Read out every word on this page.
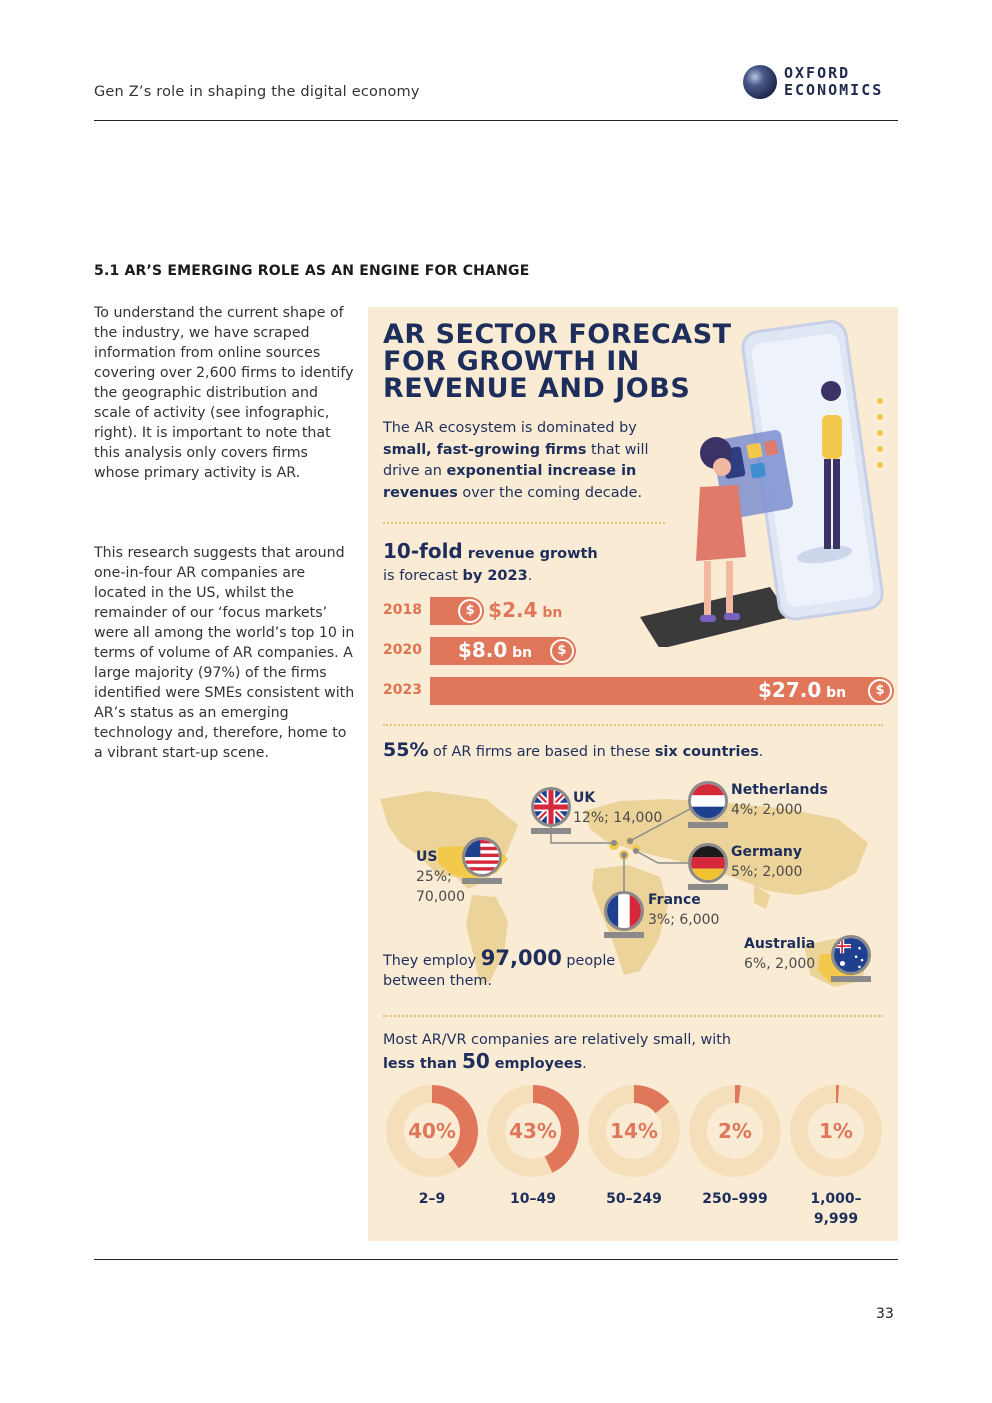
Gen Z’s role in shaping the digital economy
OXFORD
ECONOMICS
5.1 AR’S EMERGING ROLE AS AN ENGINE FOR CHANGE
To understand the current shape of the industry, we have scraped information from online sources covering over 2,600 firms to identify the geographic distribution and scale of activity (see infographic, right). It is important to note that this analysis only covers firms whose primary activity is AR.
This research suggests that around one-in-four AR companies are located in the US, whilst the remainder of our ‘focus markets’ were all among the world’s top 10 in terms of volume of AR companies. A large majority (97%) of the firms identified were SMEs consistent with AR’s status as an emerging technology and, therefore, home to a vibrant start-up scene.
AR SECTOR FORECAST FOR GROWTH IN REVENUE AND JOBS
The AR ecosystem is dominated by small, fast-growing firms that will drive an exponential increase in revenues over the coming decade.
10-fold revenue growth
is forecast by 2023.
2018	$ $2.4 bn
2020 $8.0 bn	$
2023	$27.0 bn	$
55% of AR firms are based in these six countries.
UK
12%; 14,000
Netherlands
4%; 2,000
US
25%;
70,000
Germany
5%; 2,000
France
3%; 6,000
Australia
6%, 2,000
They employ 97,000 people between them.
Most AR/VR companies are relatively small, with
less than 50 employees.
40%
2–9
43%
10–49
14%
50–249
2%
250–999
1%
1,000–
9,999
33
